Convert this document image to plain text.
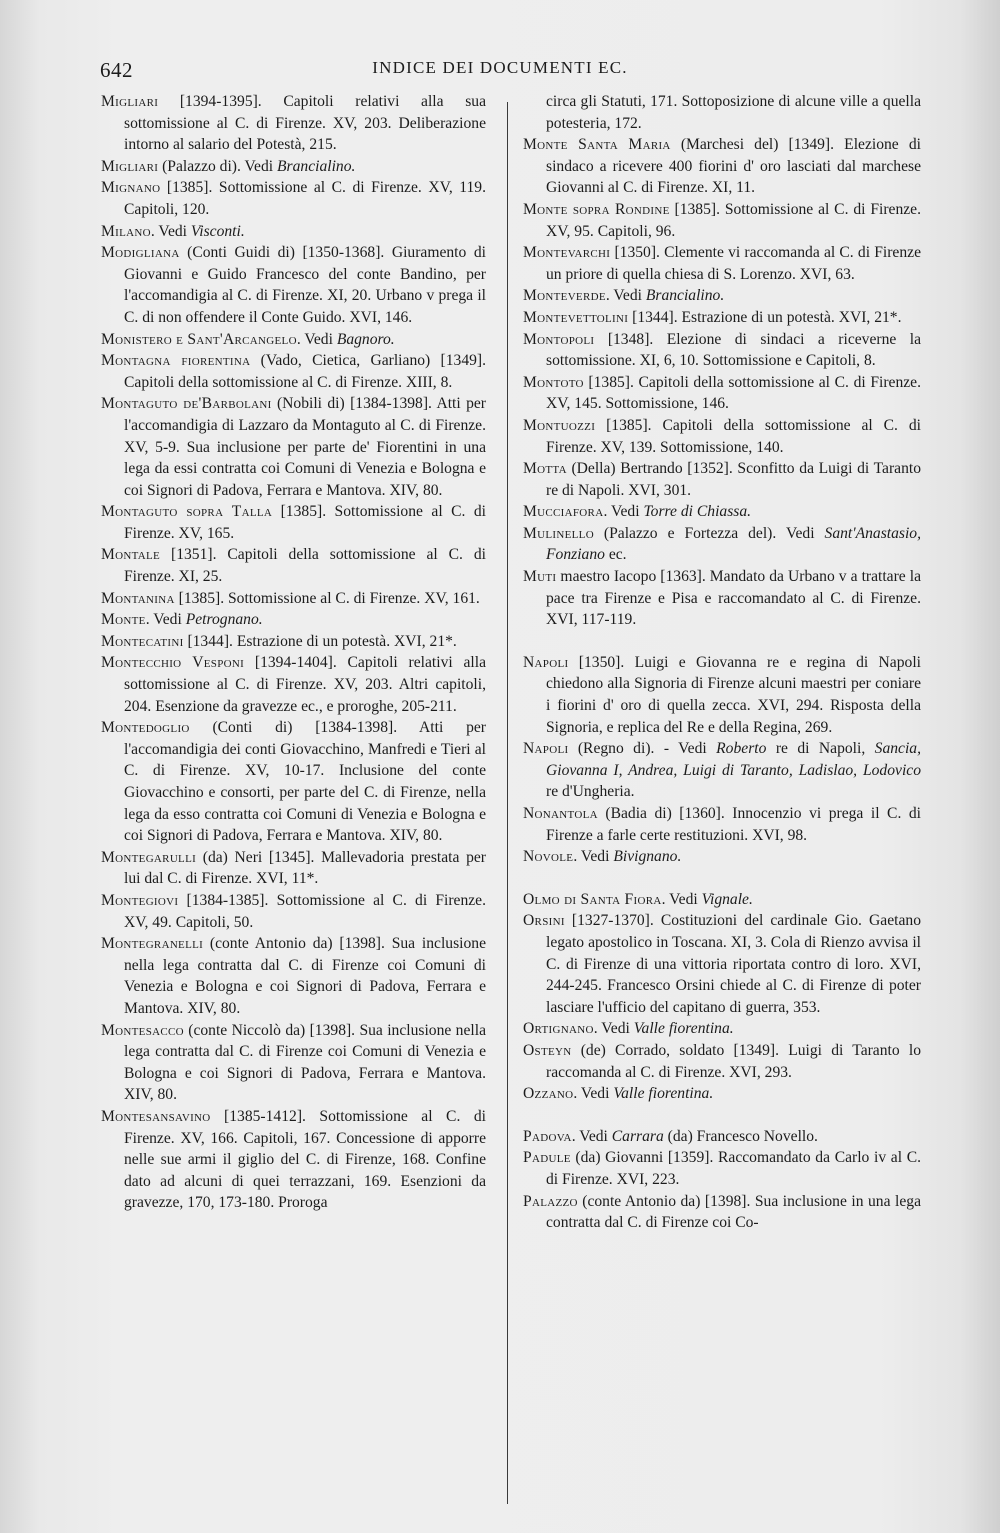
642	INDICE DEI DOCUMENTI EC.

Migliari [1394-1395]. Capitoli relativi alla sua sottomissione al C. di Firenze. XV, 203. Deliberazione intorno al salario del Potestà, 215.

Migliari (Palazzo di). Vedi Brancialino.

Mignano [1385]. Sottomissione al C. di Firenze. XV, 119. Capitoli, 120.

Milano. Vedi Visconti.

Modigliana (Conti Guidi di) [1350-1368]. Giuramento di Giovanni e Guido Francesco del conte Bandino, per l'accomandigia al C. di Firenze. XI, 20. Urbano v prega il C. di non offendere il Conte Guido. XVI, 146.

Monistero e Sant'Arcangelo. Vedi Bagnoro.

Montagna fiorentina (Vado, Cietica, Garliano) [1349]. Capitoli della sottomissione al C. di Firenze. XIII, 8.

Montaguto de'Barbolani (Nobili di) [1384-1398]. Atti per l'accomandigia di Lazzaro da Montaguto al C. di Firenze. XV, 5-9. Sua inclusione per parte de' Fiorentini in una lega da essi contratta coi Comuni di Venezia e Bologna e coi Signori di Padova, Ferrara e Mantova. XIV, 80.

Montaguto sopra Talla [1385]. Sottomissione al C. di Firenze. XV, 165.

Montale [1351]. Capitoli della sottomissione al C. di Firenze. XI, 25.

Montanina [1385]. Sottomissione al C. di Firenze. XV, 161.

Monte. Vedi Petrognano.

Montecatini [1344]. Estrazione di un potestà. XVI, 21*.

Montecchio Vesponi [1394-1404]. Capitoli relativi alla sottomissione al C. di Firenze. XV, 203. Altri capitoli, 204. Esenzione da gravezze ec., e proroghe, 205-211.

Montedoglio (Conti di) [1384-1398]. Atti per l'accomandigia dei conti Giovacchino, Manfredi e Tieri al C. di Firenze. XV, 10-17. Inclusione del conte Giovacchino e consorti, per parte del C. di Firenze, nella lega da esso contratta coi Comuni di Venezia e Bologna e coi Signori di Padova, Ferrara e Mantova. XIV, 80.

Montegarulli (da) Neri [1345]. Mallevadoria prestata per lui dal C. di Firenze. XVI, 11*.

Montegiovi [1384-1385]. Sottomissione al C. di Firenze. XV, 49. Capitoli, 50.

Montegranelli (conte Antonio da) [1398]. Sua inclusione nella lega contratta dal C. di Firenze coi Comuni di Venezia e Bologna e coi Signori di Padova, Ferrara e Mantova. XIV, 80.

Montesacco (conte Niccolò da) [1398]. Sua inclusione nella lega contratta dal C. di Firenze coi Comuni di Venezia e Bologna e coi Signori di Padova, Ferrara e Mantova. XIV, 80.

Montesansavino [1385-1412]. Sottomissione al C. di Firenze. XV, 166. Capitoli, 167. Concessione di apporre nelle sue armi il giglio del C. di Firenze, 168. Confine dato ad alcuni di quei terrazzani, 169. Esenzioni da gravezze, 170, 173-180. Proroga

circa gli Statuti, 171. Sottoposizione di alcune ville a quella potesteria, 172.

Monte Santa Maria (Marchesi del) [1349]. Elezione di sindaco a ricevere 400 fiorini d' oro lasciati dal marchese Giovanni al C. di Firenze. XI, 11.

Monte sopra Rondine [1385]. Sottomissione al C. di Firenze. XV, 95. Capitoli, 96.

Montevarchi [1350]. Clemente vi raccomanda al C. di Firenze un priore di quella chiesa di S. Lorenzo. XVI, 63.

Monteverde. Vedi Brancialino.

Montevettolini [1344]. Estrazione di un potestà. XVI, 21*.

Montopoli [1348]. Elezione di sindaci a riceverne la sottomissione. XI, 6, 10. Sottomissione e Capitoli, 8.

Montoto [1385]. Capitoli della sottomissione al C. di Firenze. XV, 145. Sottomissione, 146.

Montuozzi [1385]. Capitoli della sottomissione al C. di Firenze. XV, 139. Sottomissione, 140.

Motta (Della) Bertrando [1352]. Sconfitto da Luigi di Taranto re di Napoli. XVI, 301.

Mucciafora. Vedi Torre di Chiassa.

Mulinello (Palazzo e Fortezza del). Vedi Sant'Anastasio, Fonziano ec.

Muti maestro Iacopo [1363]. Mandato da Urbano v a trattare la pace tra Firenze e Pisa e raccomandato al C. di Firenze. XVI, 117-119.

Napoli [1350]. Luigi e Giovanna re e regina di Napoli chiedono alla Signoria di Firenze alcuni maestri per coniare i fiorini d' oro di quella zecca. XVI, 294. Risposta della Signoria, e replica del Re e della Regina, 269.

Napoli (Regno di). - Vedi Roberto re di Napoli, Sancia, Giovanna I, Andrea, Luigi di Taranto, Ladislao, Lodovico re d'Ungheria.

Nonantola (Badia di) [1360]. Innocenzio vi prega il C. di Firenze a farle certe restituzioni. XVI, 98.

Novole. Vedi Bivignano.

Olmo di Santa Fiora. Vedi Vignale.

Orsini [1327-1370]. Costituzioni del cardinale Gio. Gaetano legato apostolico in Toscana. XI, 3. Cola di Rienzo avvisa il C. di Firenze di una vittoria riportata contro di loro. XVI, 244-245. Francesco Orsini chiede al C. di Firenze di poter lasciare l'ufficio del capitano di guerra, 353.

Ortignano. Vedi Valle fiorentina.

Osteyn (de) Corrado, soldato [1349]. Luigi di Taranto lo raccomanda al C. di Firenze. XVI, 293.

Ozzano. Vedi Valle fiorentina.

Padova. Vedi Carrara (da) Francesco Novello.

Padule (da) Giovanni [1359]. Raccomandato da Carlo iv al C. di Firenze. XVI, 223.

Palazzo (conte Antonio da) [1398]. Sua inclusione in una lega contratta dal C. di Firenze coi Co-
